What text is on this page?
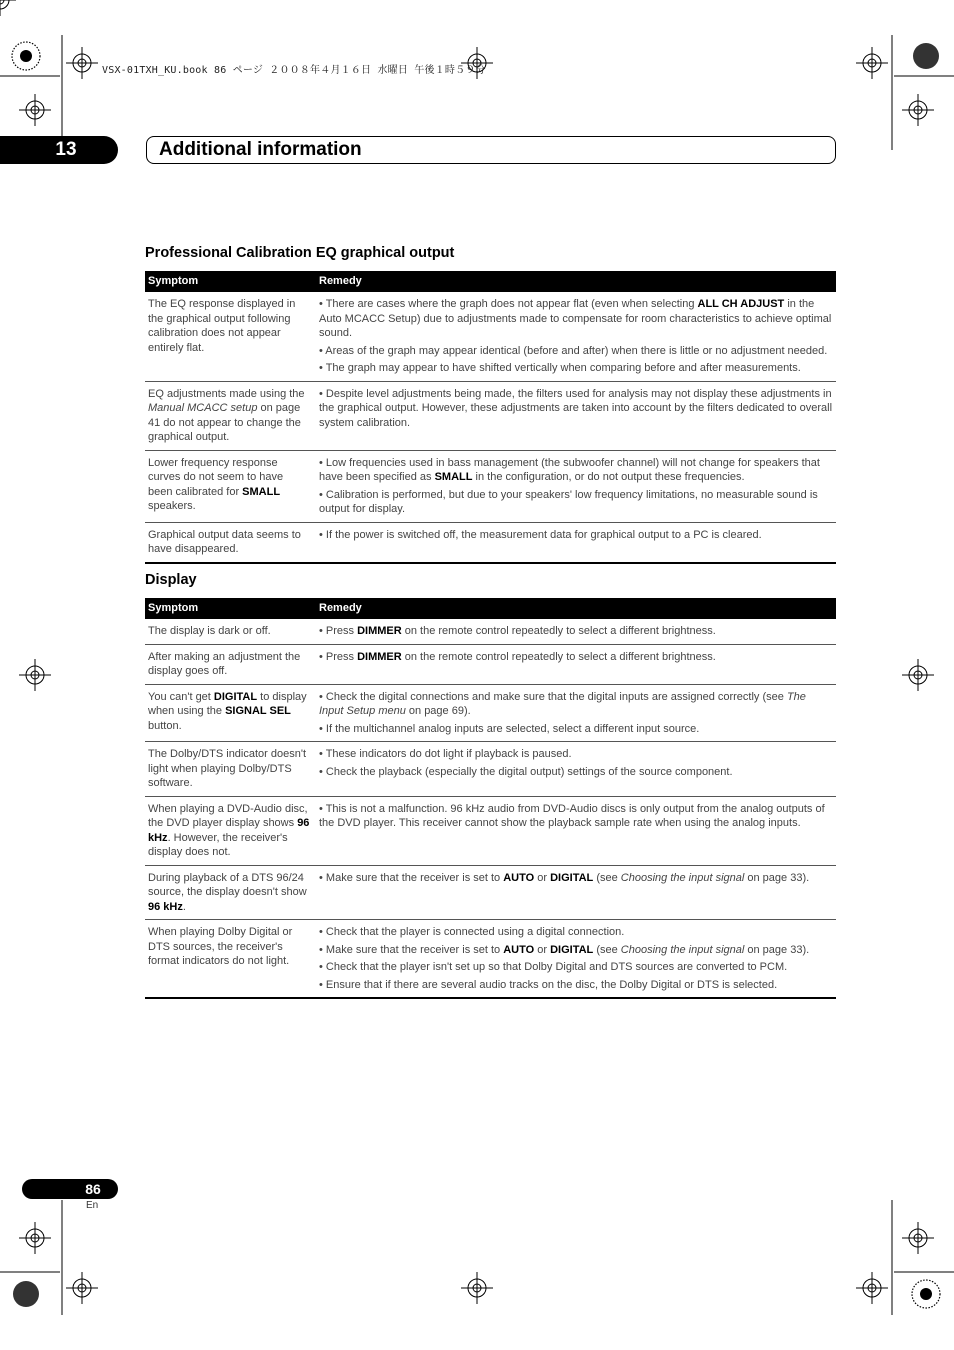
VSX-01TXH_KU.book 86 ページ ２００８年４月１６日 水曜日 午後１時５９分
13	Additional information
Professional Calibration EQ graphical output
Symptom	Remedy
The EQ response displayed in the graphical output following calibration does not appear entirely flat.	• There are cases where the graph does not appear flat (even when selecting ALL CH ADJUST in the Auto MCACC Setup) due to adjustments made to compensate for room characteristics to achieve optimal sound.

• Areas of the graph may appear identical (before and after) when there is little or no adjustment needed.

• The graph may appear to have shifted vertically when comparing before and after measurements.

EQ adjustments made using the Manual MCACC setup on page 41 do not appear to change the graphical output.	• Despite level adjustments being made, the filters used for analysis may not display these adjustments in the graphical output. However, these adjustments are taken into account by the filters dedicated to overall system calibration.

Lower frequency response curves do not seem to have been calibrated for SMALL speakers.	• Low frequencies used in bass management (the subwoofer channel) will not change for speakers that have been specified as SMALL in the configuration, or do not output these frequencies.

• Calibration is performed, but due to your speakers' low frequency limitations, no measurable sound is output for display.

Graphical output data seems to have disappeared.	• If the power is switched off, the measurement data for graphical output to a PC is cleared.

Display
Symptom	Remedy
The display is dark or off.	• Press DIMMER on the remote control repeatedly to select a different brightness.

After making an adjustment the display goes off.	• Press DIMMER on the remote control repeatedly to select a different brightness.

You can't get DIGITAL to display when using the SIGNAL SEL button.	• Check the digital connections and make sure that the digital inputs are assigned correctly (see The Input Setup menu on page 69).

• If the multichannel analog inputs are selected, select a different input source.

The Dolby/DTS indicator doesn't light when playing Dolby/DTS software.	• These indicators do dot light if playback is paused.

• Check the playback (especially the digital output) settings of the source component.

When playing a DVD-Audio disc, the DVD player display shows 96 kHz. However, the receiver's display does not.	• This is not a malfunction. 96 kHz audio from DVD-Audio discs is only output from the analog outputs of the DVD player. This receiver cannot show the playback sample rate when using the analog inputs.

During playback of a DTS 96/24 source, the display doesn't show 96 kHz.	• Make sure that the receiver is set to AUTO or DIGITAL (see Choosing the input signal on page 33).

When playing Dolby Digital or DTS sources, the receiver's format indicators do not light.	• Check that the player is connected using a digital connection.

• Make sure that the receiver is set to AUTO or DIGITAL (see Choosing the input signal on page 33).

• Check that the player isn't set up so that Dolby Digital and DTS sources are converted to PCM.

• Ensure that if there are several audio tracks on the disc, the Dolby Digital or DTS is selected.

86
En
